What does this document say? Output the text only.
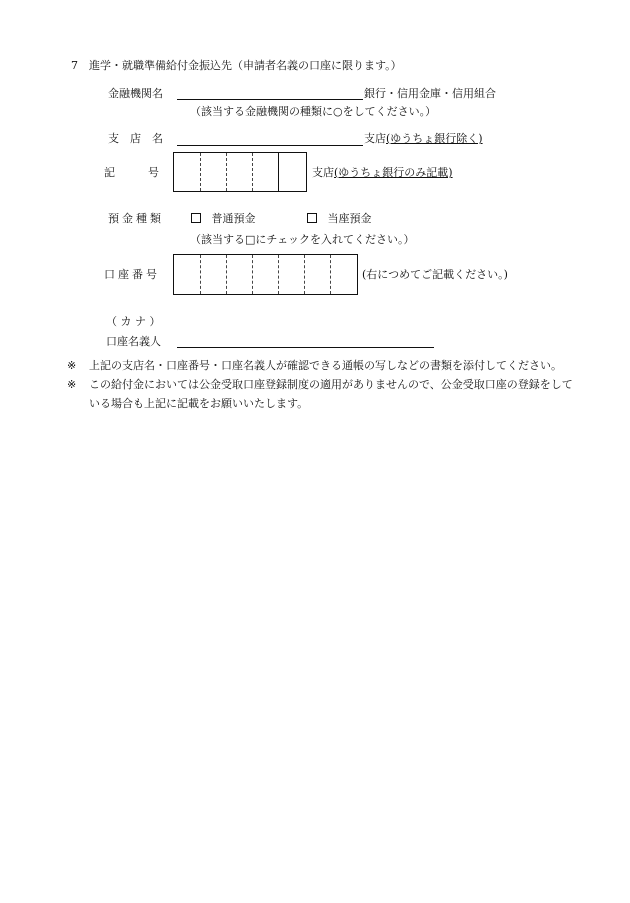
7 進学・就職準備給付金振込先（申請者名義の口座に限ります。）
金融機関名	銀行・信用金庫・信用組合
（該当する金融機関の種類に○をしてください。）
支　店　名	支店(ゆうちょ銀行除く)
記　　　号	支店(ゆうちょ銀行のみ記載)
預金種類	普通預金	当座預金
（該当する□にチェックを入れてください。）
口座番号	(右につめてご記載ください。)
（ カ ナ ）
口座名義人
※ 上記の支店名・口座番号・口座名義人が確認できる通帳の写しなどの書類を添付してください。
※ この給付金においては公金受取口座登録制度の適用がありませんので、公金受取口座の登録をして
いる場合も上記に記載をお願いいたします。
